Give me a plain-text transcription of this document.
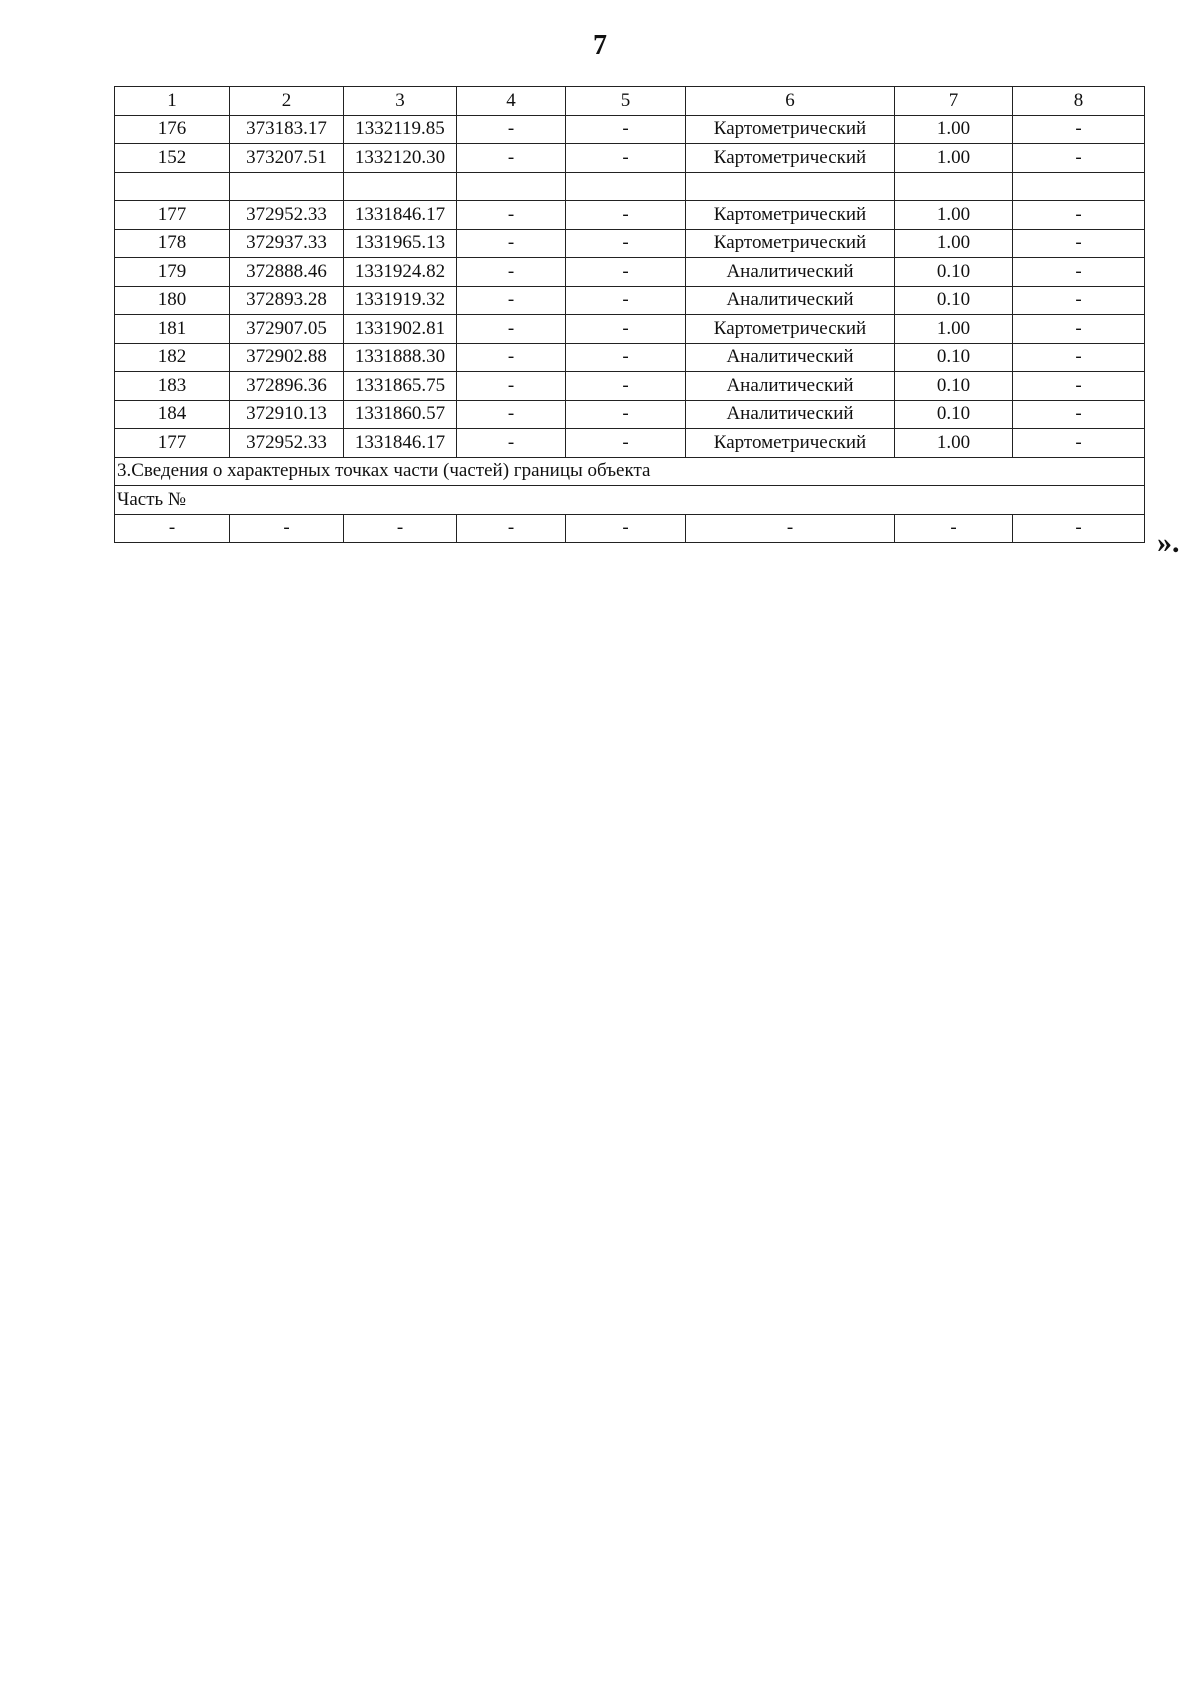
7
1	2	3	4	5	6	7	8
176	373183.17	1332119.85	-	-	Картометрический	1.00	-
152	373207.51	1332120.30	-	-	Картометрический	1.00	-

177	372952.33	1331846.17	-	-	Картометрический	1.00	-
178	372937.33	1331965.13	-	-	Картометрический	1.00	-
179	372888.46	1331924.82	-	-	Аналитический	0.10	-
180	372893.28	1331919.32	-	-	Аналитический	0.10	-
181	372907.05	1331902.81	-	-	Картометрический	1.00	-
182	372902.88	1331888.30	-	-	Аналитический	0.10	-
183	372896.36	1331865.75	-	-	Аналитический	0.10	-
184	372910.13	1331860.57	-	-	Аналитический	0.10	-
177	372952.33	1331846.17	-	-	Картометрический	1.00	-
3.Сведения о характерных точках части (частей) границы объекта							
Часть №							
-	-	-	-	-	-	-	-	».
